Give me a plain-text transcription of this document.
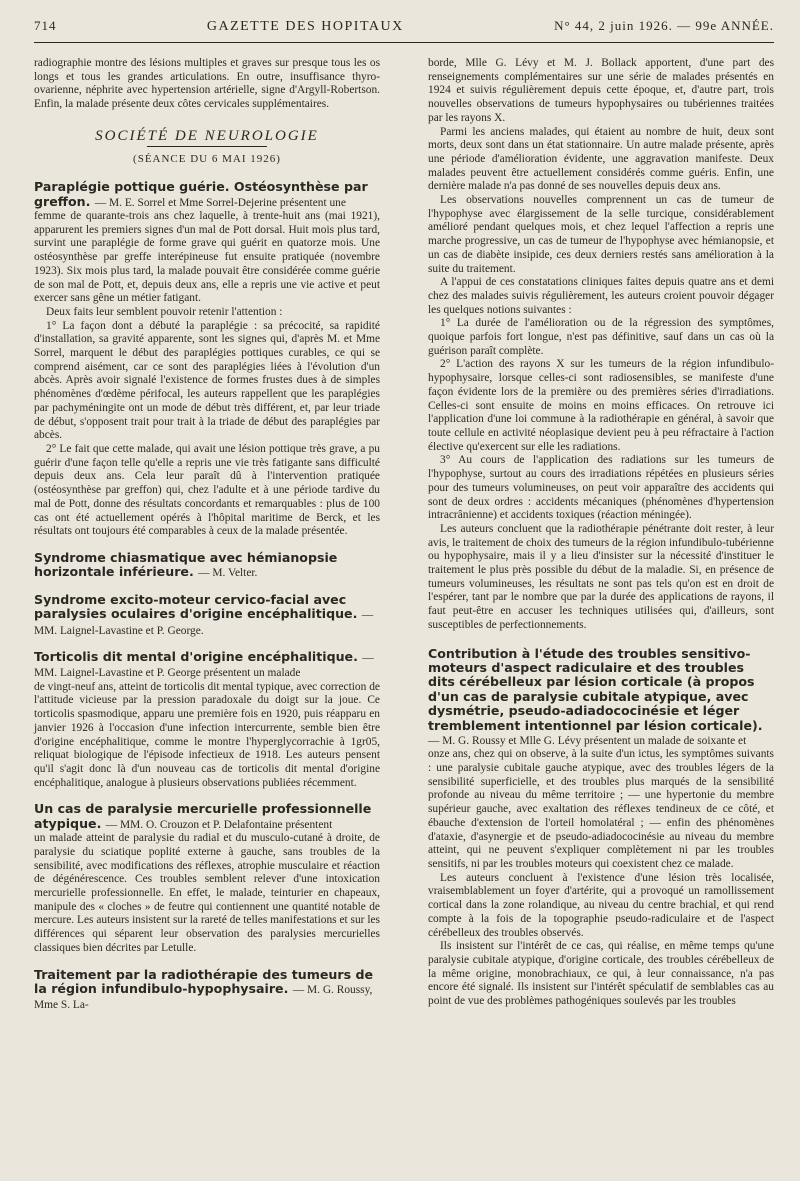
714	GAZETTE DES HOPITAUX	N° 44, 2 juin 1926. — 99e ANNÉE.

radiographie montre des lésions multiples et graves sur presque tous les os longs et tous les grandes articulations. En outre, insuffisance thyro-ovarienne, néphrite avec hypertension artérielle, signe d'Argyll-Robertson. Enfin, la malade présente deux côtes cervicales supplémentaires.

SOCIÉTÉ DE NEUROLOGIE
(SÉANCE DU 6 MAI 1926)
Paraplégie pottique guérie. Ostéosynthèse par greffon. — M. E. Sorrel et Mme Sorrel-Dejerine présentent une

femme de quarante-trois ans chez laquelle, à trente-huit ans (mai 1921), apparurent les premiers signes d'un mal de Pott dorsal. Huit mois plus tard, survint une paraplégie de forme grave qui guérit en quatorze mois. Une ostéosynthèse par greffe interépineuse fut ensuite pratiquée (novembre 1923). Six mois plus tard, la malade pouvait être considérée comme guérie de son mal de Pott, et, depuis deux ans, elle a repris une vie active et peut exercer sans gêne un métier fatigant.

Deux faits leur semblent pouvoir retenir l'attention :

1° La façon dont a débuté la paraplégie : sa précocité, sa rapidité d'installation, sa gravité apparente, sont les signes qui, d'après M. et Mme Sorrel, marquent le début des paraplégies pottiques curables, ce qui se comprend aisément, car ce sont des paraplégies liées à l'évolution d'un abcès. Après avoir signalé l'existence de formes frustes dues à de simples phénomènes d'œdème périfocal, les auteurs rappellent que les paraplégies par pachyméningite ont un mode de début très différent, et, par leur triade de début, s'opposent trait pour trait à la triade de début des paraplégies par abcès.

2° Le fait que cette malade, qui avait une lésion pottique très grave, a pu guérir d'une façon telle qu'elle a repris une vie très fatigante sans difficulté depuis deux ans. Cela leur paraît dû à l'intervention pratiquée (ostéosynthèse par greffon) qui, chez l'adulte et à une période tardive du mal de Pott, donne des résultats concordants et remarquables : plus de 100 cas ont été actuellement opérés à l'hôpital maritime de Berck, et les résultats ont toujours été comparables à ceux de la malade présentée.

Syndrome chiasmatique avec hémianopsie horizontale inférieure. — M. Velter.
Syndrome excito-moteur cervico-facial avec paralysies oculaires d'origine encéphalitique. — MM. Laignel-Lavastine et P. George.
Torticolis dit mental d'origine encéphalitique. — MM. Laignel-Lavastine et P. George présentent un malade

de vingt-neuf ans, atteint de torticolis dit mental typique, avec correction de l'attitude vicieuse par la pression paradoxale du doigt sur la joue. Ce torticolis spasmodique, apparu une première fois en 1920, puis réapparu en janvier 1926 à l'occasion d'une infection intercurrente, semble bien être d'origine encéphalitique, comme le montre l'hyperglycorrachie à 1gr05, reliquat biologique de l'épisode infectieux de 1918. Les auteurs pensent qu'il s'agit donc là d'un nouveau cas de torticolis dit mental d'origine encéphalitique, analogue à plusieurs observations publiées récemment.

Un cas de paralysie mercurielle professionnelle atypique. — MM. O. Crouzon et P. Delafontaine présentent

un malade atteint de paralysie du radial et du musculo-cutané à droite, de paralysie du sciatique poplité externe à gauche, sans troubles de la sensibilité, avec modifications des réflexes, atrophie musculaire et réaction de dégénérescence. Ces troubles semblent relever d'une intoxication mercurielle professionnelle. En effet, le malade, teinturier en chapeaux, manipule des « cloches » de feutre qui contiennent une quantité notable de mercure. Les auteurs insistent sur la rareté de telles manifestations et sur les différences qui séparent leur observation des paralysies mercurielles classiques bien décrites par Letulle.

Traitement par la radiothérapie des tumeurs de la région infundibulo-hypophysaire. — M. G. Roussy, Mme S. La-

borde, Mlle G. Lévy et M. J. Bollack apportent, d'une part des renseignements complémentaires sur une série de malades présentés en 1924 et suivis régulièrement depuis cette époque, et, d'autre part, trois nouvelles observations de tumeurs hypophysaires ou tubériennes traitées par les rayons X.

Parmi les anciens malades, qui étaient au nombre de huit, deux sont morts, deux sont dans un état stationnaire. Un autre malade présente, après une période d'amélioration évidente, une aggravation manifeste. Deux malades peuvent être actuellement considérés comme guéris. Enfin, une dernière malade n'a pas donné de ses nouvelles depuis deux ans.

Les observations nouvelles comprennent un cas de tumeur de l'hypophyse avec élargissement de la selle turcique, considérablement amélioré pendant quelques mois, et chez lequel l'affection a repris une marche progressive, un cas de tumeur de l'hypophyse avec hémianopsie, et un cas de diabète insipide, ces deux derniers restés sans amélioration à la suite du traitement.

A l'appui de ces constatations cliniques faites depuis quatre ans et demi chez des malades suivis régulièrement, les auteurs croient pouvoir dégager les quelques notions suivantes :

1° La durée de l'amélioration ou de la régression des symptômes, quoique parfois fort longue, n'est pas définitive, sauf dans un cas où la guérison paraît complète.

2° L'action des rayons X sur les tumeurs de la région infundibulo-hypophysaire, lorsque celles-ci sont radiosensibles, se manifeste d'une façon évidente lors de la première ou des premières séries d'irradiations. Celles-ci sont ensuite de moins en moins efficaces. On retrouve ici l'application d'une loi commune à la radiothérapie en général, à savoir que toute cellule en activité néoplasique devient peu à peu réfractaire à l'action élective qu'exercent sur elle les radiations.

3° Au cours de l'application des radiations sur les tumeurs de l'hypophyse, surtout au cours des irradiations répétées en plusieurs séries pour des tumeurs volumineuses, on peut voir apparaître des accidents qui sont de deux ordres : accidents mécaniques (phénomènes d'hypertension intracrânienne) et accidents toxiques (réaction méningée).

Les auteurs concluent que la radiothérapie pénétrante doit rester, à leur avis, le traitement de choix des tumeurs de la région infundibulo-tubérienne ou hypophysaire, mais il y a lieu d'insister sur la nécessité d'instituer le traitement le plus près possible du début de la maladie. Si, en présence de tumeurs volumineuses, les résultats ne sont pas tels qu'on est en droit de l'espérer, tant par le nombre que par la durée des applications de rayons, il faut peut-être en accuser les techniques utilisées qui, d'ailleurs, sont susceptibles de perfectionnements.

Contribution à l'étude des troubles sensitivo-moteurs d'aspect radiculaire et des troubles dits cérébelleux par lésion corticale (à propos d'un cas de paralysie cubitale atypique, avec dysmétrie, pseudo-adiadococinésie et léger tremblement intentionnel par lésion corticale). — M. G. Roussy et Mlle G. Lévy présentent un malade de soixante et

onze ans, chez qui on observe, à la suite d'un ictus, les symptômes suivants : une paralysie cubitale gauche atypique, avec des troubles légers de la sensibilité superficielle, et des troubles plus marqués de la sensibilité profonde au niveau du même territoire ; — une hypertonie du membre supérieur gauche, avec exaltation des réflexes tendineux de ce côté, et ébauche d'extension de l'orteil homolatéral ; — enfin des phénomènes d'ataxie, d'asynergie et de pseudo-adiadococinésie au niveau du membre atteint, qui ne peuvent s'expliquer complètement ni par les troubles sensitifs, ni par les troubles moteurs qui coexistent chez ce malade.

Les auteurs concluent à l'existence d'une lésion très localisée, vraisemblablement un foyer d'artérite, qui a provoqué un ramollissement cortical dans la zone rolandique, au niveau du centre brachial, et qui rend compte à la fois de la topographie pseudo-radiculaire et de l'aspect cérébelleux des troubles observés.

Ils insistent sur l'intérêt de ce cas, qui réalise, en même temps qu'une paralysie cubitale atypique, d'origine corticale, des troubles cérébelleux de la même origine, monobrachiaux, ce qui, à leur connaissance, n'a pas encore été signalé. Ils insistent sur l'intérêt spéculatif de semblables cas au point de vue des problèmes pathogéniques soulevés par les troubles
